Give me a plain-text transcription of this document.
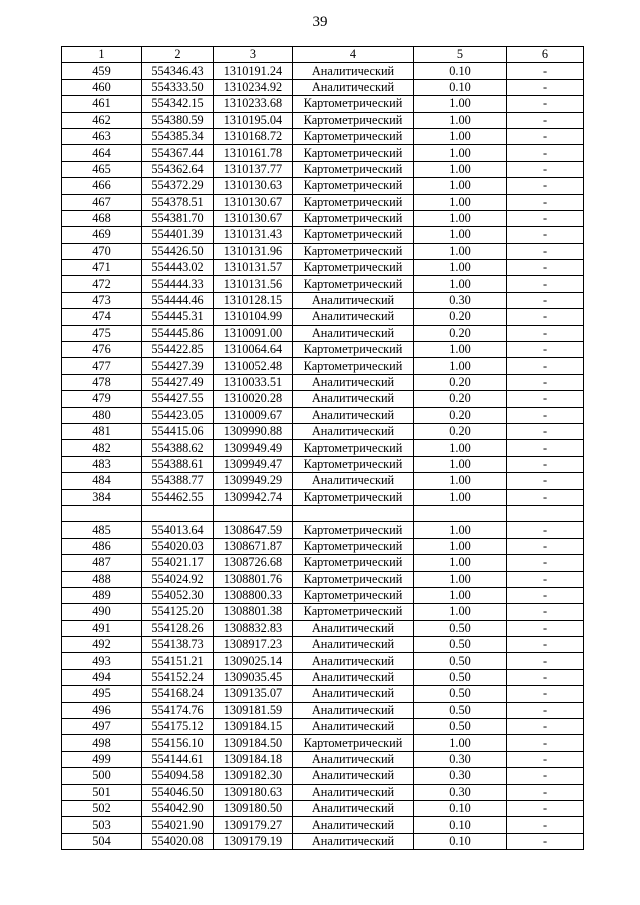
39
1	2	3	4	5	6
459	554346.43	1310191.24	Аналитический	0.10	-
460	554333.50	1310234.92	Аналитический	0.10	-
461	554342.15	1310233.68	Картометрический	1.00	-
462	554380.59	1310195.04	Картометрический	1.00	-
463	554385.34	1310168.72	Картометрический	1.00	-
464	554367.44	1310161.78	Картометрический	1.00	-
465	554362.64	1310137.77	Картометрический	1.00	-
466	554372.29	1310130.63	Картометрический	1.00	-
467	554378.51	1310130.67	Картометрический	1.00	-
468	554381.70	1310130.67	Картометрический	1.00	-
469	554401.39	1310131.43	Картометрический	1.00	-
470	554426.50	1310131.96	Картометрический	1.00	-
471	554443.02	1310131.57	Картометрический	1.00	-
472	554444.33	1310131.56	Картометрический	1.00	-
473	554444.46	1310128.15	Аналитический	0.30	-
474	554445.31	1310104.99	Аналитический	0.20	-
475	554445.86	1310091.00	Аналитический	0.20	-
476	554422.85	1310064.64	Картометрический	1.00	-
477	554427.39	1310052.48	Картометрический	1.00	-
478	554427.49	1310033.51	Аналитический	0.20	-
479	554427.55	1310020.28	Аналитический	0.20	-
480	554423.05	1310009.67	Аналитический	0.20	-
481	554415.06	1309990.88	Аналитический	0.20	-
482	554388.62	1309949.49	Картометрический	1.00	-
483	554388.61	1309949.47	Картометрический	1.00	-
484	554388.77	1309949.29	Аналитический	1.00	-
384	554462.55	1309942.74	Картометрический	1.00	-

485	554013.64	1308647.59	Картометрический	1.00	-
486	554020.03	1308671.87	Картометрический	1.00	-
487	554021.17	1308726.68	Картометрический	1.00	-
488	554024.92	1308801.76	Картометрический	1.00	-
489	554052.30	1308800.33	Картометрический	1.00	-
490	554125.20	1308801.38	Картометрический	1.00	-
491	554128.26	1308832.83	Аналитический	0.50	-
492	554138.73	1308917.23	Аналитический	0.50	-
493	554151.21	1309025.14	Аналитический	0.50	-
494	554152.24	1309035.45	Аналитический	0.50	-
495	554168.24	1309135.07	Аналитический	0.50	-
496	554174.76	1309181.59	Аналитический	0.50	-
497	554175.12	1309184.15	Аналитический	0.50	-
498	554156.10	1309184.50	Картометрический	1.00	-
499	554144.61	1309184.18	Аналитический	0.30	-
500	554094.58	1309182.30	Аналитический	0.30	-
501	554046.50	1309180.63	Аналитический	0.30	-
502	554042.90	1309180.50	Аналитический	0.10	-
503	554021.90	1309179.27	Аналитический	0.10	-
504	554020.08	1309179.19	Аналитический	0.10	-
